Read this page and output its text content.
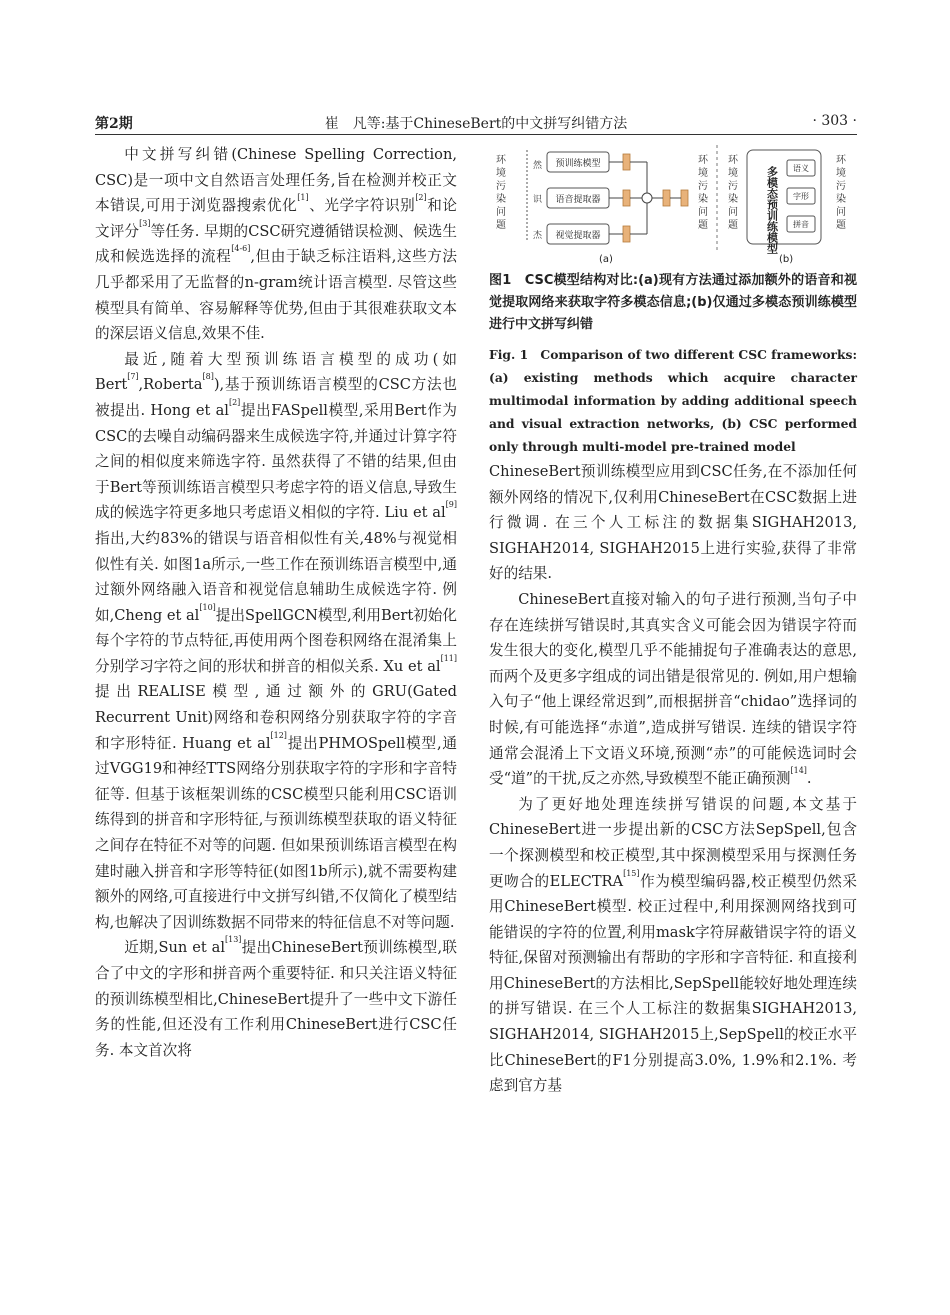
第2期	崔　凡等:基于ChineseBert的中文拼写纠错方法	· 303 ·

中文拼写纠错(Chinese Spelling Correction, CSC)是一项中文自然语言处理任务,旨在检测并校正文本错误,可用于浏览器搜索优化[1]、光学字符识别[2]和论文评分[3]等任务. 早期的CSC研究遵循错误检测、候选生成和候选选择的流程[4-6],但由于缺乏标注语料,这些方法几乎都采用了无监督的n-gram统计语言模型. 尽管这些模型具有简单、容易解释等优势,但由于其很难获取文本的深层语义信息,效果不佳.

最近,随着大型预训练语言模型的成功(如Bert[7],Roberta[8]),基于预训练语言模型的CSC方法也被提出. Hong et al[2]提出FASpell模型,采用Bert作为CSC的去噪自动编码器来生成候选字符,并通过计算字符之间的相似度来筛选字符. 虽然获得了不错的结果,但由于Bert等预训练语言模型只考虑字符的语义信息,导致生成的候选字符更多地只考虑语义相似的字符. Liu et al[9]指出,大约83%的错误与语音相似性有关,48%与视觉相似性有关. 如图1a所示,一些工作在预训练语言模型中,通过额外网络融入语音和视觉信息辅助生成候选字符. 例如,Cheng et al[10]提出SpellGCN模型,利用Bert初始化每个字符的节点特征,再使用两个图卷积网络在混淆集上分别学习字符之间的形状和拼音的相似关系. Xu et al[11]提出REALISE模型,通过额外的GRU(Gated Recurrent Unit)网络和卷积网络分别获取字符的字音和字形特征. Huang et al[12]提出PHMOSpell模型,通过VGG19和神经TTS网络分别获取字符的字形和字音特征等. 但基于该框架训练的CSC模型只能利用CSC语训练得到的拼音和字形特征,与预训练模型获取的语义特征之间存在特征不对等的问题. 但如果预训练语言模型在构建时融入拼音和字形等特征(如图1b所示),就不需要构建额外的网络,可直接进行中文拼写纠错,不仅简化了模型结构,也解决了因训练数据不同带来的特征信息不对等问题.

近期,Sun et al[13]提出ChineseBert预训练模型,联合了中文的字形和拼音两个重要特征. 和只关注语义特征的预训练模型相比,ChineseBert提升了一些中文下游任务的性能,但还没有工作利用ChineseBert进行CSC任务. 本文首次将

环境污染问题	然
识
杰
预训练模型
语音提取器
视觉提取器
环境污染问题 环境污染问题	多模态预训练模型 语义
字形
拼音 环境污染问题
(a)	(b)
图1　CSC模型结构对比:(a)现有方法通过添加额外的语音和视觉提取网络来获取字符多模态信息;(b)仅通过多模态预训练模型进行中文拼写纠错
Fig. 1　Comparison of two different CSC frameworks: (a) existing methods which acquire character multimodal information by adding additional speech and visual extraction networks, (b) CSC performed only through multi-model pre-trained model

ChineseBert预训练模型应用到CSC任务,在不添加任何额外网络的情况下,仅利用ChineseBert在CSC数据上进行微调. 在三个人工标注的数据集SIGHAH2013, SIGHAH2014, SIGHAH2015上进行实验,获得了非常好的结果.

ChineseBert直接对输入的句子进行预测,当句子中存在连续拼写错误时,其真实含义可能会因为错误字符而发生很大的变化,模型几乎不能捕捉句子准确表达的意思,而两个及更多字组成的词出错是很常见的. 例如,用户想输入句子“他上课经常迟到”,而根据拼音“chidao”选择词的时候,有可能选择“赤道”,造成拼写错误. 连续的错误字符通常会混淆上下文语义环境,预测“赤”的可能候选词时会受“道”的干扰,反之亦然,导致模型不能正确预测[14].

为了更好地处理连续拼写错误的问题,本文基于ChineseBert进一步提出新的CSC方法SepSpell,包含一个探测模型和校正模型,其中探测模型采用与探测任务更吻合的ELECTRA[15]作为模型编码器,校正模型仍然采用ChineseBert模型. 校正过程中,利用探测网络找到可能错误的字符的位置,利用mask字符屏蔽错误字符的语义特征,保留对预测输出有帮助的字形和字音特征. 和直接利用ChineseBert的方法相比,SepSpell能较好地处理连续的拼写错误. 在三个人工标注的数据集SIGHAH2013, SIGHAH2014, SIGHAH2015上,SepSpell的校正水平比ChineseBert的F1分别提高3.0%, 1.9%和2.1%. 考虑到官方基
